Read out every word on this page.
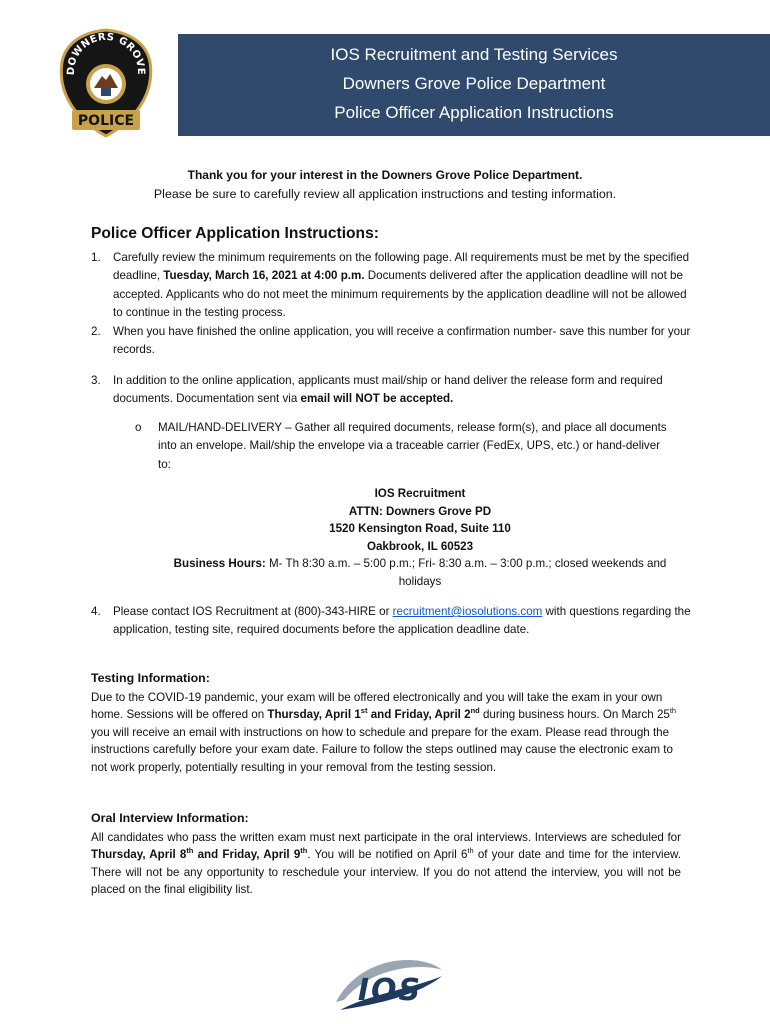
DOWNERS GROVE
POLICE
IOS Recruitment and Testing Services
Downers Grove Police Department
Police Officer Application Instructions
Thank you for your interest in the Downers Grove Police Department.
Please be sure to carefully review all application instructions and testing information.
Police Officer Application Instructions:
1. Carefully review the minimum requirements on the following page. All requirements must be met by the specified deadline, Tuesday, March 16, 2021 at 4:00 p.m. Documents delivered after the application deadline will not be accepted. Applicants who do not meet the minimum requirements by the application deadline will not be allowed to continue in the testing process.
2. When you have finished the online application, you will receive a confirmation number- save this number for your records.
3. In addition to the online application, applicants must mail/ship or hand deliver the release form and required documents. Documentation sent via email will NOT be accepted.
o MAIL/HAND-DELIVERY – Gather all required documents, release form(s), and place all documents into an envelope. Mail/ship the envelope via a traceable carrier (FedEx, UPS, etc.) or hand-deliver to:
IOS Recruitment
ATTN: Downers Grove PD
1520 Kensington Road, Suite 110
Oakbrook, IL 60523
Business Hours: M- Th 8:30 a.m. – 5:00 p.m.; Fri- 8:30 a.m. – 3:00 p.m.; closed weekends and holidays
4. Please contact IOS Recruitment at (800)-343-HIRE or recruitment@iosolutions.com with questions regarding the application, testing site, required documents before the application deadline date.
Testing Information:
Due to the COVID-19 pandemic, your exam will be offered electronically and you will take the exam in your own home. Sessions will be offered on Thursday, April 1st and Friday, April 2nd during business hours. On March 25th you will receive an email with instructions on how to schedule and prepare for the exam. Please read through the instructions carefully before your exam date. Failure to follow the steps outlined may cause the electronic exam to not work properly, potentially resulting in your removal from the testing session.
Oral Interview Information:
All candidates who pass the written exam must next participate in the oral interviews. Interviews are scheduled for Thursday, April 8th and Friday, April 9th. You will be notified on April 6th of your date and time for the interview. There will not be any opportunity to reschedule your interview. If you do not attend the interview, you will not be placed on the final eligibility list.
IOS
